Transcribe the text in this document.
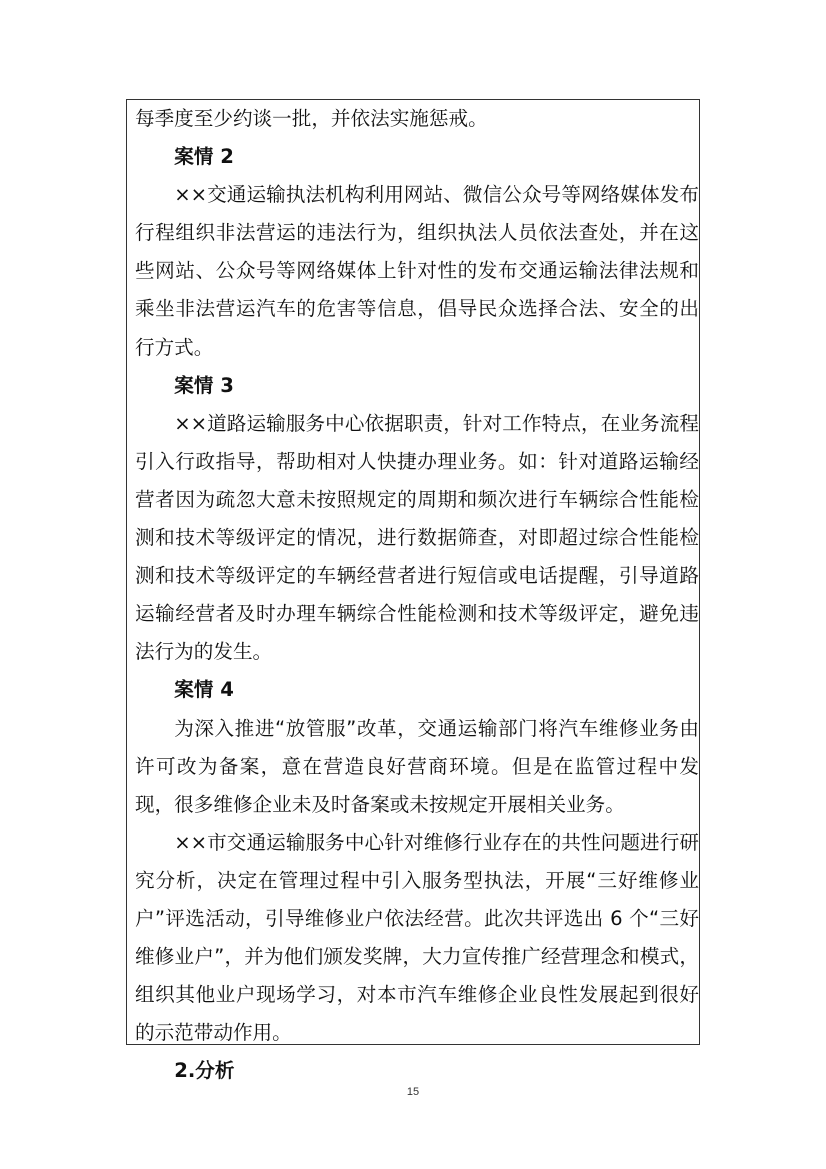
每季度至少约谈一批，并依法实施惩戒。

案情 2

××交通运输执法机构利用网站、微信公众号等网络媒体发布行程组织非法营运的违法行为，组织执法人员依法查处，并在这些网站、公众号等网络媒体上针对性的发布交通运输法律法规和乘坐非法营运汽车的危害等信息，倡导民众选择合法、安全的出行方式。

案情 3

××道路运输服务中心依据职责，针对工作特点，在业务流程引入行政指导，帮助相对人快捷办理业务。如：针对道路运输经营者因为疏忽大意未按照规定的周期和频次进行车辆综合性能检测和技术等级评定的情况，进行数据筛查，对即超过综合性能检测和技术等级评定的车辆经营者进行短信或电话提醒，引导道路运输经营者及时办理车辆综合性能检测和技术等级评定，避免违法行为的发生。

案情 4

为深入推进“放管服”改革，交通运输部门将汽车维修业务由许可改为备案，意在营造良好营商环境。但是在监管过程中发现，很多维修企业未及时备案或未按规定开展相关业务。

××市交通运输服务中心针对维修行业存在的共性问题进行研究分析，决定在管理过程中引入服务型执法，开展“三好维修业户”评选活动，引导维修业户依法经营。此次共评选出 6 个“三好维修业户”，并为他们颁发奖牌，大力宣传推广经营理念和模式，组织其他业户现场学习，对本市汽车维修企业良性发展起到很好的示范带动作用。

2.分析

15
